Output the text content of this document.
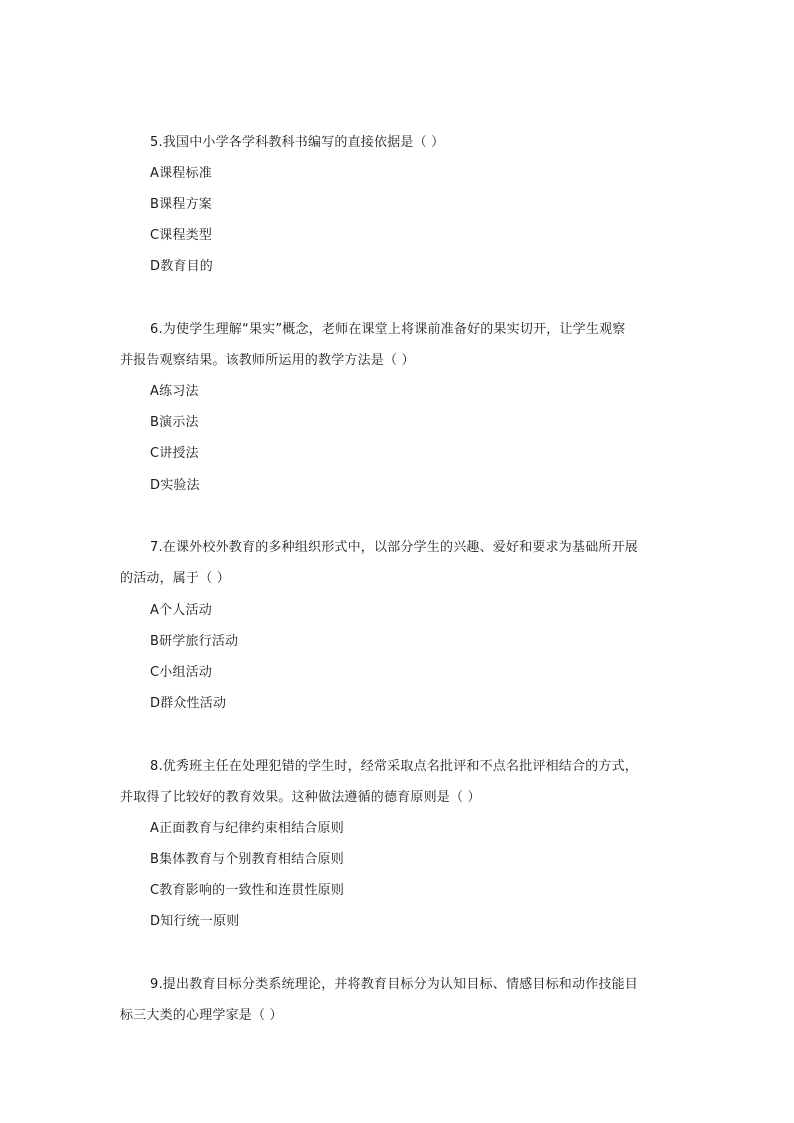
5.我国中小学各学科教科书编写的直接依据是（ ）
A课程标准
B课程方案
C课程类型
D教育目的
6.为使学生理解“果实”概念，老师在课堂上将课前准备好的果实切开，让学生观察
并报告观察结果。该教师所运用的教学方法是（ ）
A练习法
B演示法
C讲授法
D实验法
7.在课外校外教育的多种组织形式中，以部分学生的兴趣、爱好和要求为基础所开展
的活动，属于（ ）
A个人活动
B研学旅行活动
C小组活动
D群众性活动
8.优秀班主任在处理犯错的学生时，经常采取点名批评和不点名批评相结合的方式，
并取得了比较好的教育效果。这种做法遵循的德育原则是（ ）
A正面教育与纪律约束相结合原则
B集体教育与个别教育相结合原则
C教育影响的一致性和连贯性原则
D知行统一原则
9.提出教育目标分类系统理论，并将教育目标分为认知目标、情感目标和动作技能目
标三大类的心理学家是（ ）
